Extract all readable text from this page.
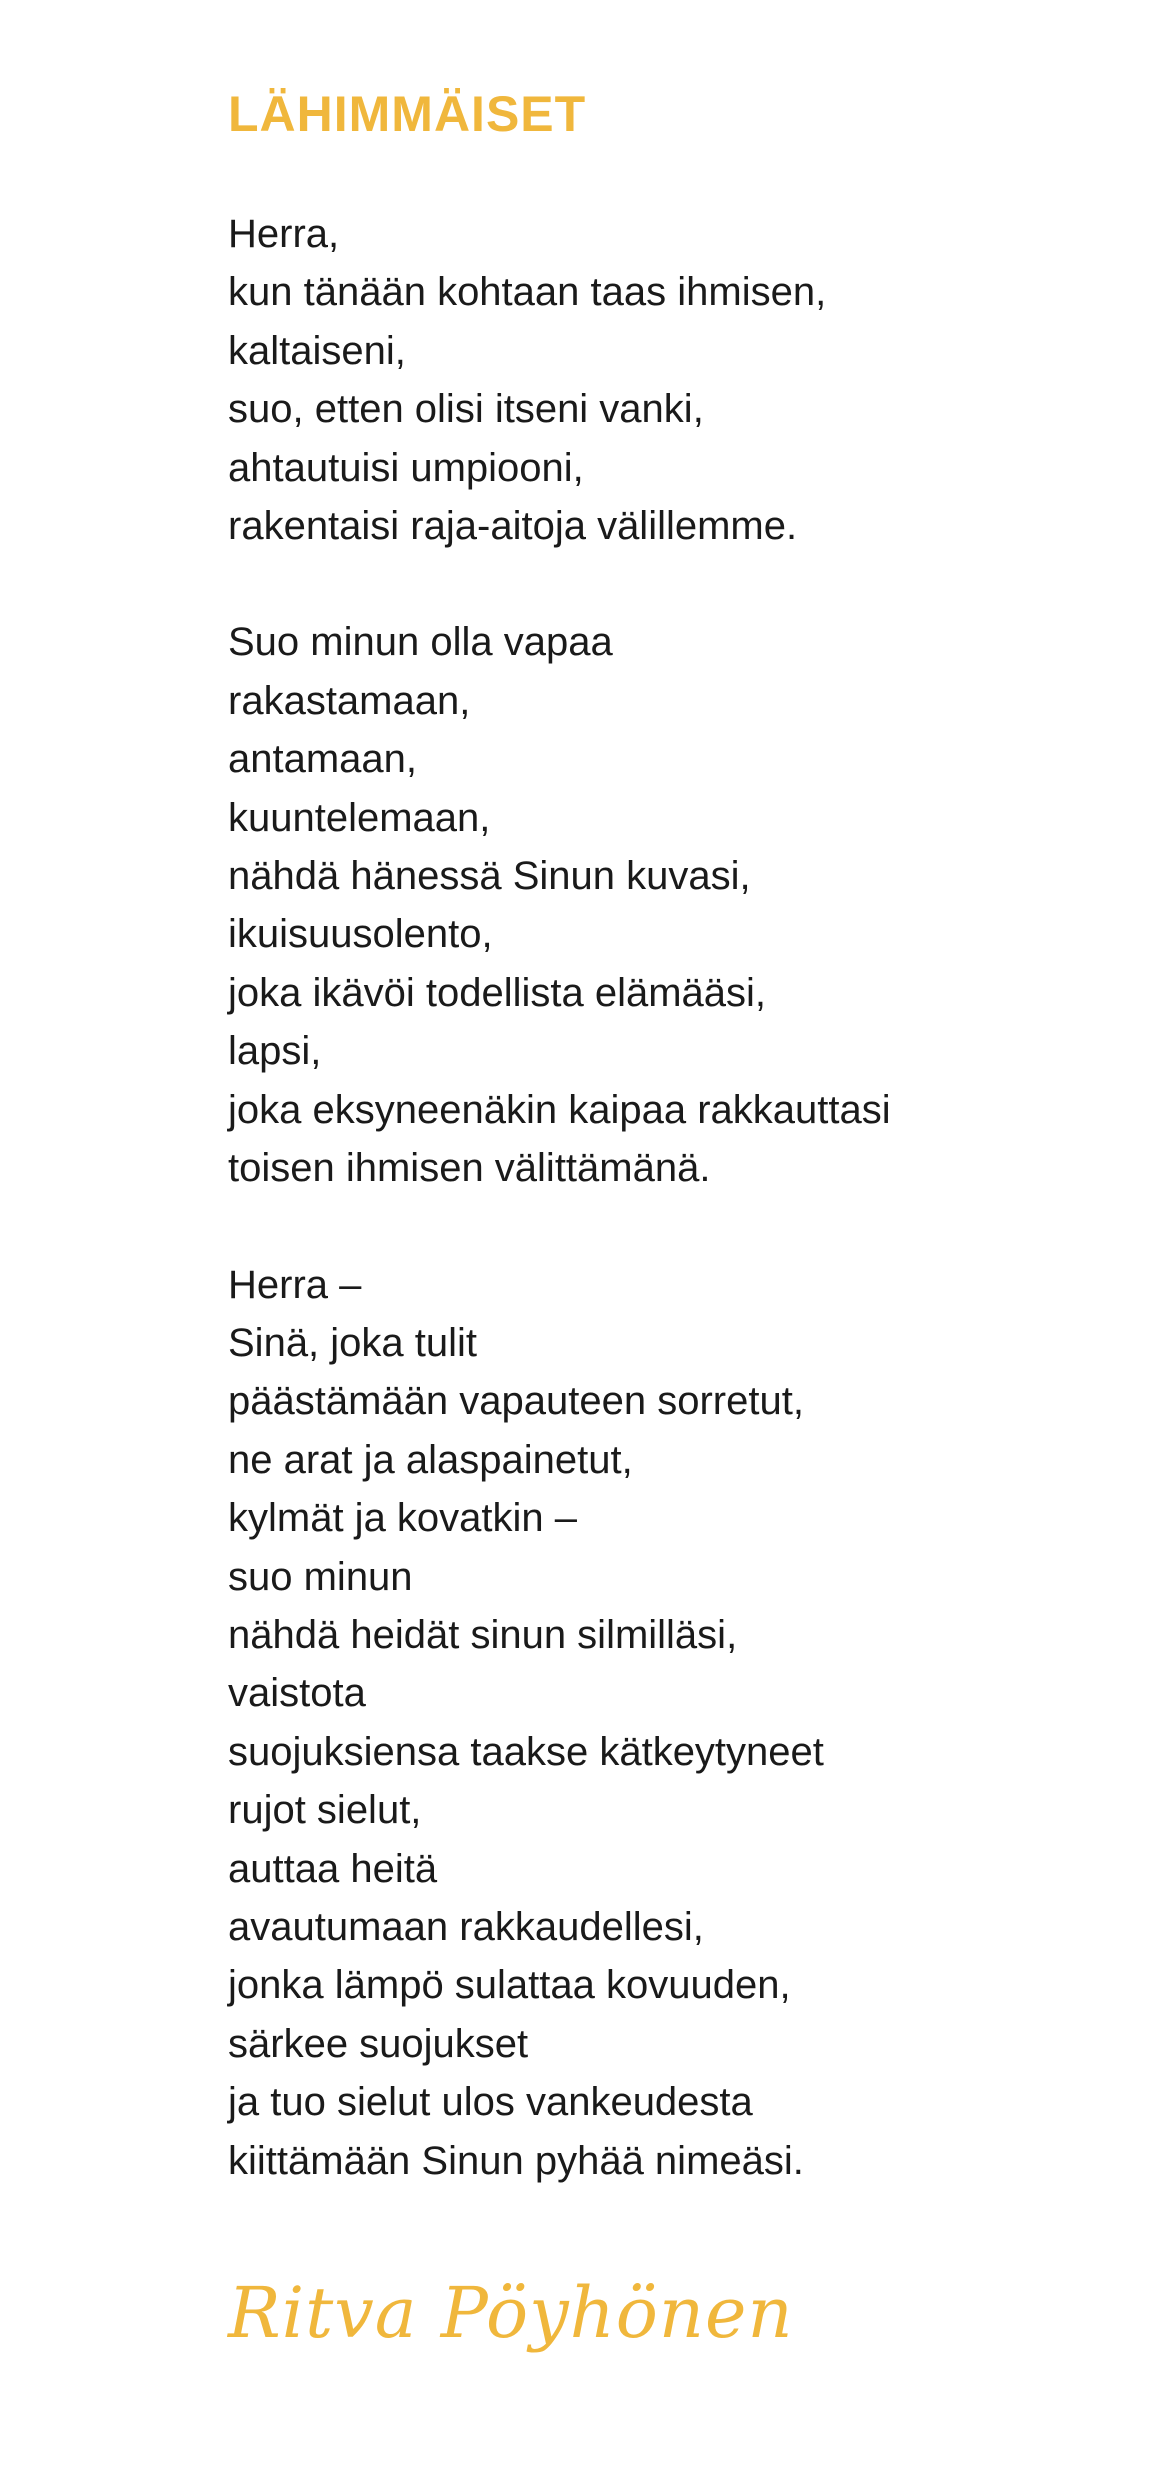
LÄHIMMÄISET
Herra,
kun tänään kohtaan taas ihmisen,
kaltaiseni,
suo, etten olisi itseni vanki,
ahtautuisi umpiooni,
rakentaisi raja-aitoja välillemme.
Suo minun olla vapaa
rakastamaan,
antamaan,
kuuntelemaan,
nähdä hänessä Sinun kuvasi,
ikuisuusolento,
joka ikävöi todellista elämääsi,
lapsi,
joka eksyneenäkin kaipaa rakkauttasi
toisen ihmisen välittämänä.
Herra –
Sinä, joka tulit
päästämään vapauteen sorretut,
ne arat ja alaspainetut,
kylmät ja kovatkin –
suo minun
nähdä heidät sinun silmilläsi,
vaistota
suojuksiensa taakse kätkeytyneet
rujot sielut,
auttaa heitä
avautumaan rakkaudellesi,
jonka lämpö sulattaa kovuuden,
särkee suojukset
ja tuo sielut ulos vankeudesta
kiittämään Sinun pyhää nimeäsi.
Ritva Pöyhönen
